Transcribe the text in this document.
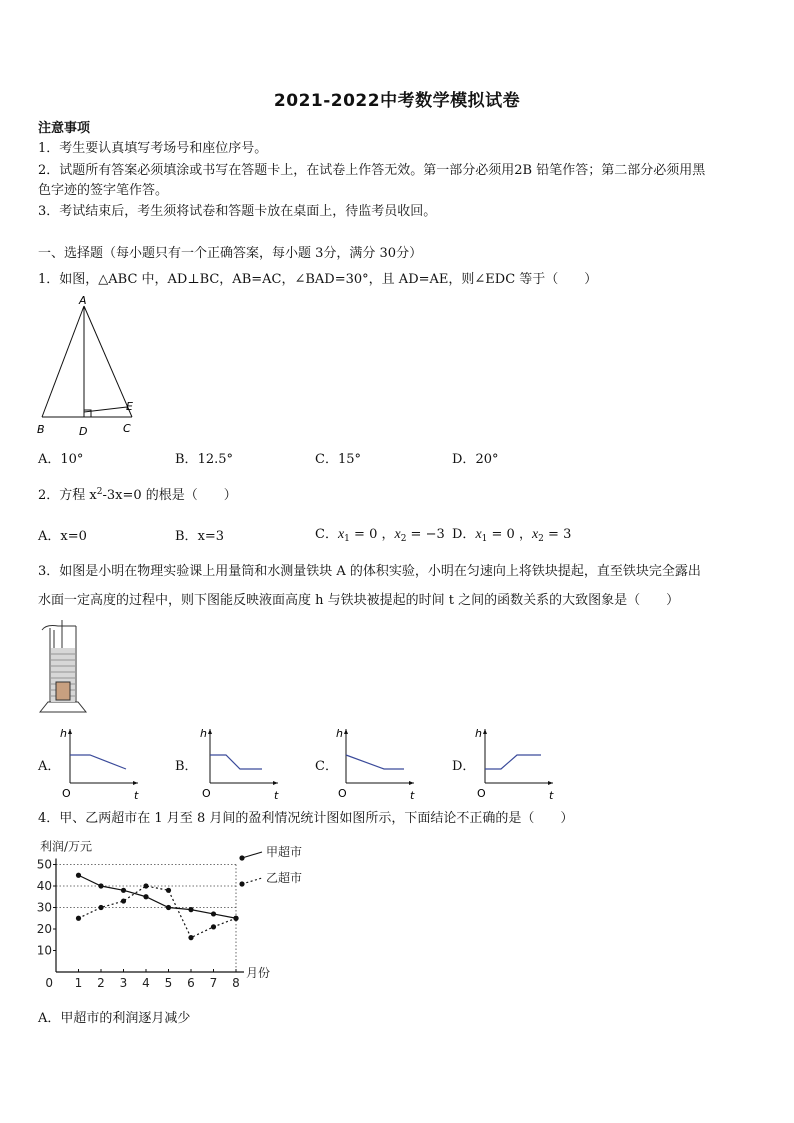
2021-2022中考数学模拟试卷
注意事项
1．考生要认真填写考场号和座位序号。
2．试题所有答案必须填涂或书写在答题卡上，在试卷上作答无效。第一部分必须用2B 铅笔作答；第二部分必须用黑
色字迹的签字笔作答。
3．考试结束后，考生须将试卷和答题卡放在桌面上，待监考员收回。
一、选择题（每小题只有一个正确答案，每小题 3分，满分 30分）
1．如图，△ABC 中，AD⊥BC，AB=AC，∠BAD=30°，且 AD=AE，则∠EDC 等于（　　）
A
B	D	C
E
A．10°	B．12.5°	C．15°	D．20°
2．方程 $x^2-3x=0$ 的根是（　　）
A．x=0	B．x=3	C．$x_1 = 0$ ，$x_2 = -3$ D．$x_1 = 0$ ，$x_2 = 3$
3．如图是小明在物理实验课上用量筒和水测量铁块 A 的体积实验，小明在匀速向上将铁块提起，直至铁块完全露出
水面一定高度的过程中，则下图能反映液面高度 h 与铁块被提起的时间 t 之间的函数关系的大致图象是（　　）
A．	B．	C．	D．
h
t
O
h
t
O
h
t
O
h
t
O
4．甲、乙两超市在 1 月至 8 月间的盈利情况统计图如图所示，下面结论不正确的是（　　）
10
20
30
40
50
0 1 2 3 4 5 6 7 8
利润/万元
月份
甲超市
乙超市
A．甲超市的利润逐月减少
